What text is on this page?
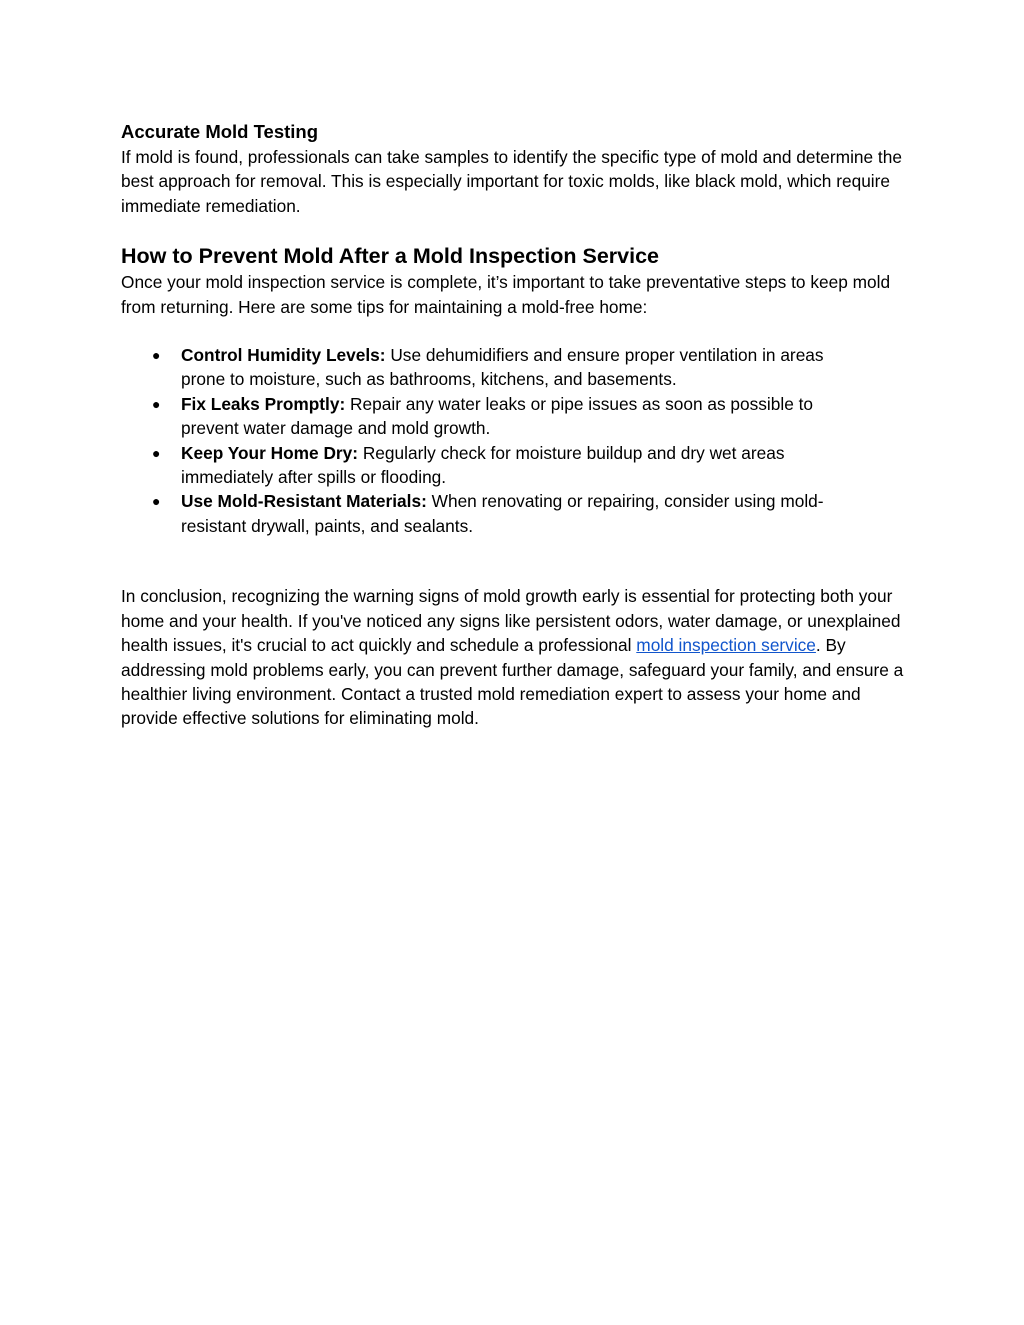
Accurate Mold Testing

If mold is found, professionals can take samples to identify the specific type of mold and determine the best approach for removal. This is especially important for toxic molds, like black mold, which require immediate remediation.

How to Prevent Mold After a Mold Inspection Service

Once your mold inspection service is complete, it’s important to take preventative steps to keep mold from returning. Here are some tips for maintaining a mold-free home:

● Control Humidity Levels: Use dehumidifiers and ensure proper ventilation in areas prone to moisture, such as bathrooms, kitchens, and basements.
● Fix Leaks Promptly: Repair any water leaks or pipe issues as soon as possible to prevent water damage and mold growth.
● Keep Your Home Dry: Regularly check for moisture buildup and dry wet areas immediately after spills or flooding.
● Use Mold-Resistant Materials: When renovating or repairing, consider using mold-resistant drywall, paints, and sealants.

In conclusion, recognizing the warning signs of mold growth early is essential for protecting both your home and your health. If you've noticed any signs like persistent odors, water damage, or unexplained health issues, it's crucial to act quickly and schedule a professional mold inspection service. By addressing mold problems early, you can prevent further damage, safeguard your family, and ensure a healthier living environment. Contact a trusted mold remediation expert to assess your home and provide effective solutions for eliminating mold.
